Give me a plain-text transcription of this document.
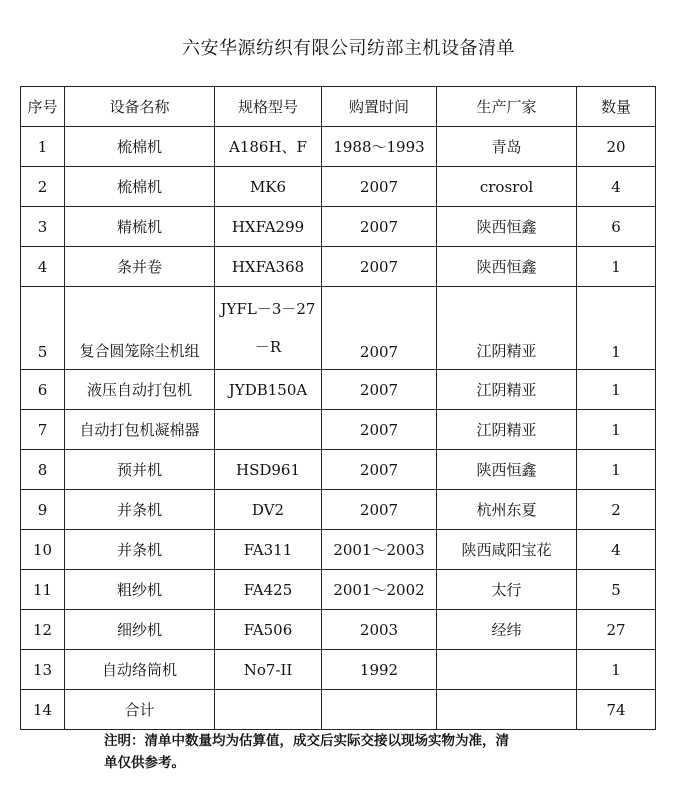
六安华源纺织有限公司纺部主机设备清单
序号	设备名称	规格型号	购置时间	生产厂家	数量
1	梳棉机	A186H、F	1988～1993	青岛	20
2	梳棉机	MK6	2007	crosrol	4
3	精梳机	HXFA299	2007	陕西恒鑫	6
4	条并卷	HXFA368	2007	陕西恒鑫	1
5	复合圆笼除尘机组	JYFL－3－27
－R	2007	江阴精亚	1
6	液压自动打包机	JYDB150A	2007	江阴精亚	1
7	自动打包机凝棉器		2007	江阴精亚	1
8	预并机	HSD961	2007	陕西恒鑫	1
9	并条机	DV2	2007	杭州东夏	2
10	并条机	FA311	2001～2003	陕西咸阳宝花	4
11	粗纱机	FA425	2001～2002	太行	5
12	细纱机	FA506	2003	经纬	27
13	自动络筒机	No7-II	1992		1
14	合计				74
注明：清单中数量均为估算值，成交后实际交接以现场实物为准，清
单仅供参考。
